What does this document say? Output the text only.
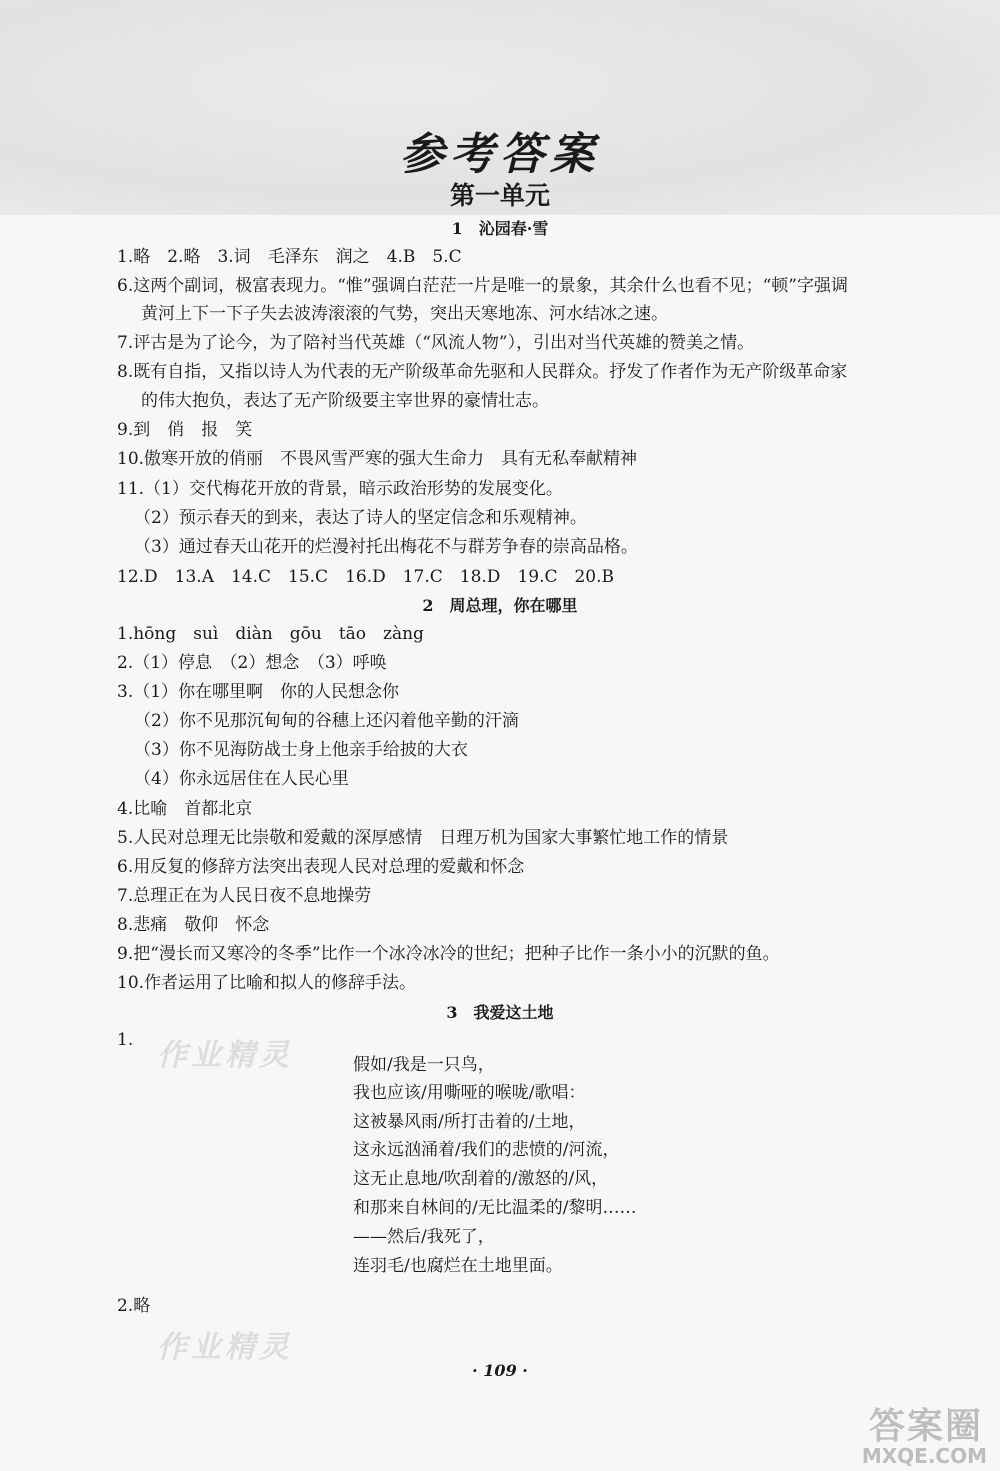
参考答案
第一单元
1　沁园春·雪
1.略　2.略　3.词　毛泽东　润之　4.B　5.C
6.这两个副词，极富表现力。“惟”强调白茫茫一片是唯一的景象，其余什么也看不见；“顿”字强调
黄河上下一下子失去波涛滚滚的气势，突出天寒地冻、河水结冰之速。
7.评古是为了论今，为了陪衬当代英雄（“风流人物”），引出对当代英雄的赞美之情。
8.既有自指，又指以诗人为代表的无产阶级革命先驱和人民群众。抒发了作者作为无产阶级革命家
的伟大抱负，表达了无产阶级要主宰世界的豪情壮志。
9.到　俏　报　笑
10.傲寒开放的俏丽　不畏风雪严寒的强大生命力　具有无私奉献精神
11.（1）交代梅花开放的背景，暗示政治形势的发展变化。
（2）预示春天的到来，表达了诗人的坚定信念和乐观精神。
（3）通过春天山花开的烂漫衬托出梅花不与群芳争春的崇高品格。
12.D　13.A　14.C　15.C　16.D　17.C　18.D　19.C　20.B
2　周总理，你在哪里
1.hōng　suì　diàn　gōu　tāo　zàng
2.（1）停息　（2）想念　（3）呼唤
3.（1）你在哪里啊　你的人民想念你
（2）你不见那沉甸甸的谷穗上还闪着他辛勤的汗滴
（3）你不见海防战士身上他亲手给披的大衣
（4）你永远居住在人民心里
4.比喻　首都北京
5.人民对总理无比崇敬和爱戴的深厚感情　日理万机为国家大事繁忙地工作的情景
6.用反复的修辞方法突出表现人民对总理的爱戴和怀念
7.总理正在为人民日夜不息地操劳
8.悲痛　敬仰　怀念
9.把“漫长而又寒冷的冬季”比作一个冰冷冰冷的世纪；把种子比作一条小小的沉默的鱼。
10.作者运用了比喻和拟人的修辞手法。
3　我爱这土地
1. 作业精灵	假如/我是一只鸟，
我也应该/用嘶哑的喉咙/歌唱：
这被暴风雨/所打击着的/土地，
这永远汹涌着/我们的悲愤的/河流，
这无止息地/吹刮着的/激怒的/风，
和那来自林间的/无比温柔的/黎明……
——然后/我死了，
连羽毛/也腐烂在土地里面。
2.略
作业精灵
· 109 ·
答案圈
MXQE.COM
